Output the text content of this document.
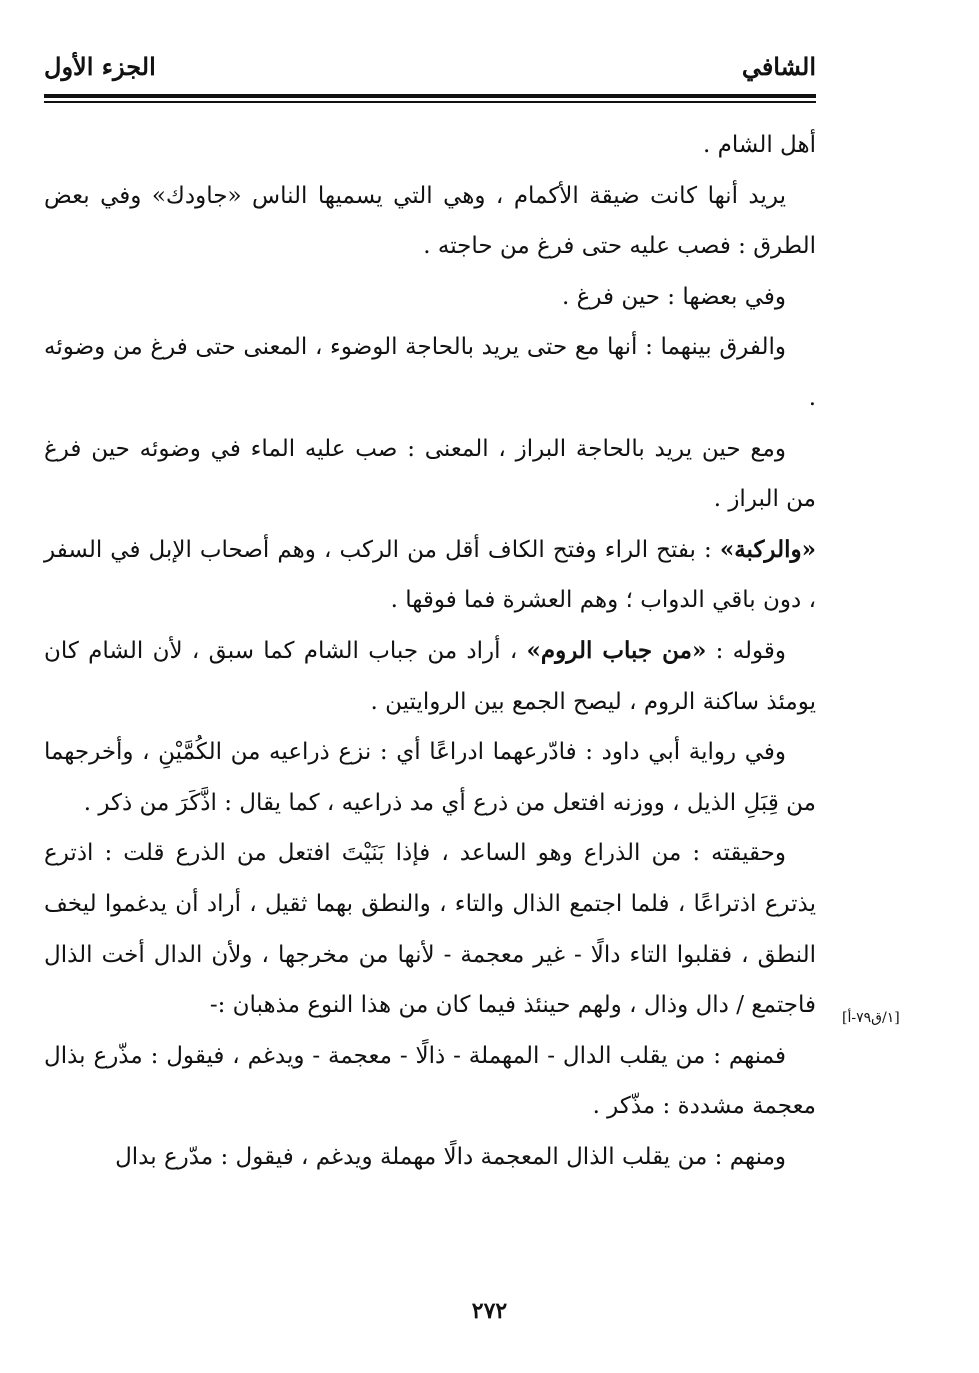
الشافي
الجزء الأول

أهل الشام .

يريد أنها كانت ضيقة الأكمام ، وهي التي يسميها الناس «جاودك» وفي بعض الطرق : فصب عليه حتى فرغ من حاجته .

وفي بعضها : حين فرغ .

والفرق بينهما : أنها مع حتى يريد بالحاجة الوضوء ، المعنى حتى فرغ من وضوئه .

ومع حين يريد بالحاجة البراز ، المعنى : صب عليه الماء في وضوئه حين فرغ من البراز .

«والركبة» : بفتح الراء وفتح الكاف أقل من الركب ، وهم أصحاب الإبل في السفر ، دون باقي الدواب ؛ وهم العشرة فما فوقها .

وقوله : «من جباب الروم» ، أراد من جباب الشام كما سبق ، لأن الشام كان يومئذ ساكنة الروم ، ليصح الجمع بين الروايتين .

وفي رواية أبي داود : فادّرعهما ادراعًا أي : نزع ذراعيه من الكُمَّيْنِ ، وأخرجهما من قِبَلِ الذيل ، ووزنه افتعل من ذرع أي مد ذراعيه ، كما يقال : اذَّكَرَ من ذكر .

وحقيقته : من الذراع وهو الساعد ، فإذا بَنَيْتَ افتعل من الذرع قلت : اذترع يذترع اذتراعًا ، فلما اجتمع الذال والتاء ، والنطق بهما ثقيل ، أراد أن يدغموا ليخف النطق ، فقلبوا التاء دالًا - غير معجمة - لأنها من مخرجها ، ولأن الدال أخت الذال فاجتمع / دال وذال ، ولهم حينئذ فيما كان من هذا النوع مذهبان :-

فمنهم : من يقلب الدال - المهملة - ذالًا - معجمة - ويدغم ، فيقول : مذّرع بذال معجمة مشددة : مذّكر .

ومنهم : من يقلب الذال المعجمة دالًا مهملة ويدغم ، فيقول : مدّرع بدال

[١/ق٧٩-أ]
٢٧٢
